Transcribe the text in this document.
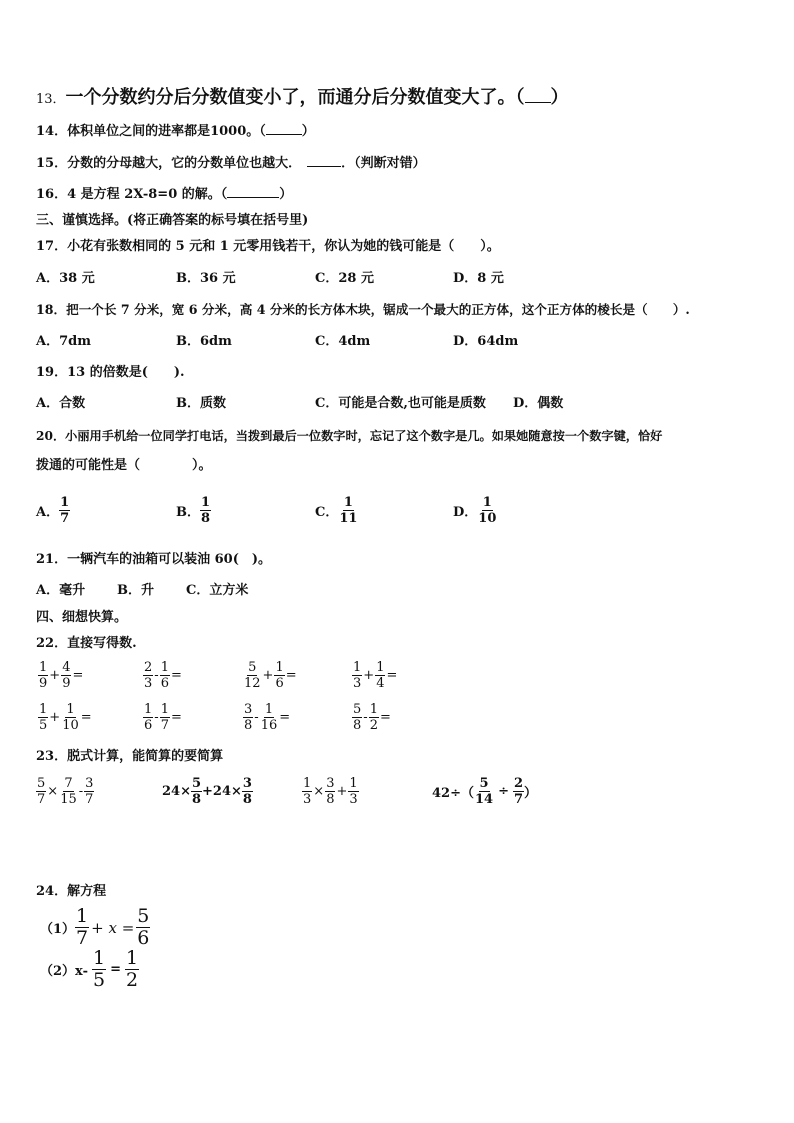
13．一个分数约分后分数值变小了，而通分后分数值变大了。（ ）
14．体积单位之间的进率都是1000。（	）
15．分数的分母越大，它的分数单位也越大．	．（判断对错）
16．4 是方程 2X-8=0 的解。（	）
三、谨慎选择。(将正确答案的标号填在括号里)
17．小花有张数相同的 5 元和 1 元零用钱若干，你认为她的钱可能是（　　）。
A．38 元	B．36 元	C．28 元	D．8 元
18．把一个长 7 分米，宽 6 分米，高 4 分米的长方体木块，锯成一个最大的正方体，这个正方体的棱长是（　　）.
A．7dm	B．6dm	C．4dm	D．64dm
19．13 的倍数是(　　).
A．合数	B．质数	C．可能是合数,也可能是质数 D．偶数
20．小丽用手机给一位同学打电话，当拨到最后一位数字时，忘记了这个数字是几。如果她随意按一个数字键，恰好
拨通的可能性是（　　　　）。
A． $\frac{1}{7}$	B． $\frac{1}{8}$	C． $\frac{1}{11}$	D． $\frac{1}{10}$
21．一辆汽车的油箱可以装油 60(　)。
A．毫升 B．升 C．立方米
四、细想快算。
22．直接写得数.
$\frac{1}{9} + \frac{4}{9}$ =	$\frac{2}{3} - \frac{1}{6}$ =	$\frac{5}{12} + \frac{1}{6}$ =	$\frac{1}{3} + \frac{1}{4}$ =
$\frac{1}{5} + \frac{1}{10}$ =	$\frac{1}{6} - \frac{1}{7}$ =	$\frac{3}{8} - \frac{1}{16}$ =	$\frac{5}{8} - \frac{1}{2}$ =
23．脱式计算，能简算的要简算
$\frac{5}{7} \times \frac{7}{15} - \frac{3}{7}$	$24\times \frac{5}{8} +24\times \frac{3}{8}$	$\frac{1}{3} \times \frac{3}{8} + \frac{1}{3}$	$42\div( \frac{5}{14} \div \frac{2}{7}$ ）
24．解方程
$(1) \frac{1}{7} + x = \frac{5}{6}$
$(2)x- \frac{1}{5} = \frac{1}{2}$
